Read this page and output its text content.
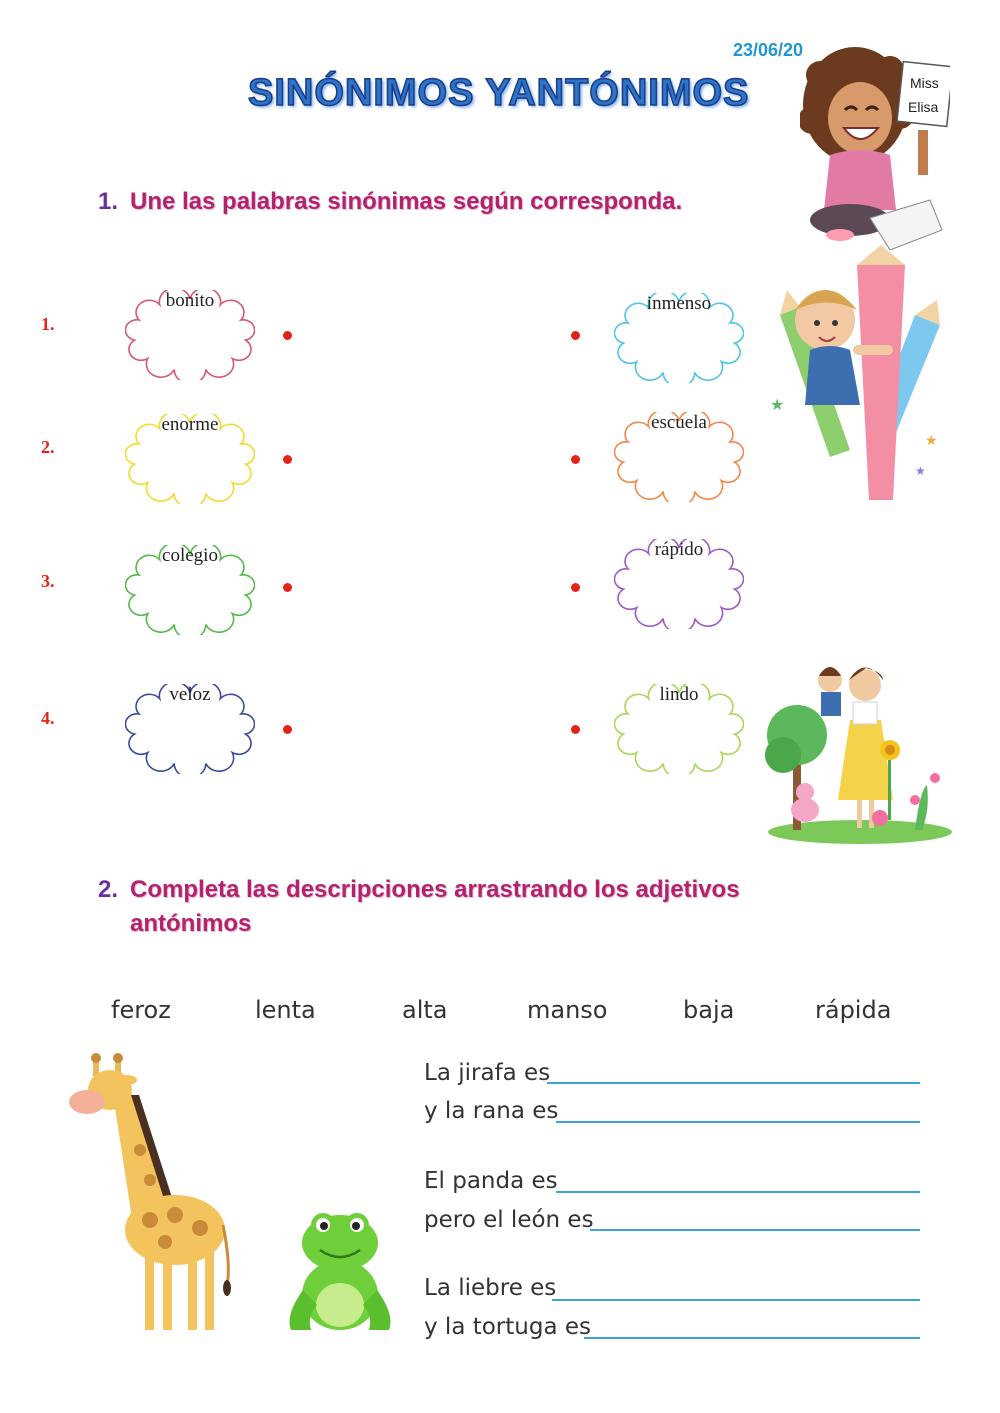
23/06/20
SINÓNIMOS YANTÓNIMOS	Miss
Elisa
1. Une las palabras sinónimas según corresponda.
★
★
★
1.
2.
3.
4.
bonito
enorme
colegio
veloz
inmenso
escuela
rápido
lindo
2. Completa las descripciones arrastrando los adjetivos
antónimos
feroz	lenta	alta	manso	baja	rápida
La jirafa es
y la rana es
El panda es
pero el león es
La liebre es
y la tortuga es
